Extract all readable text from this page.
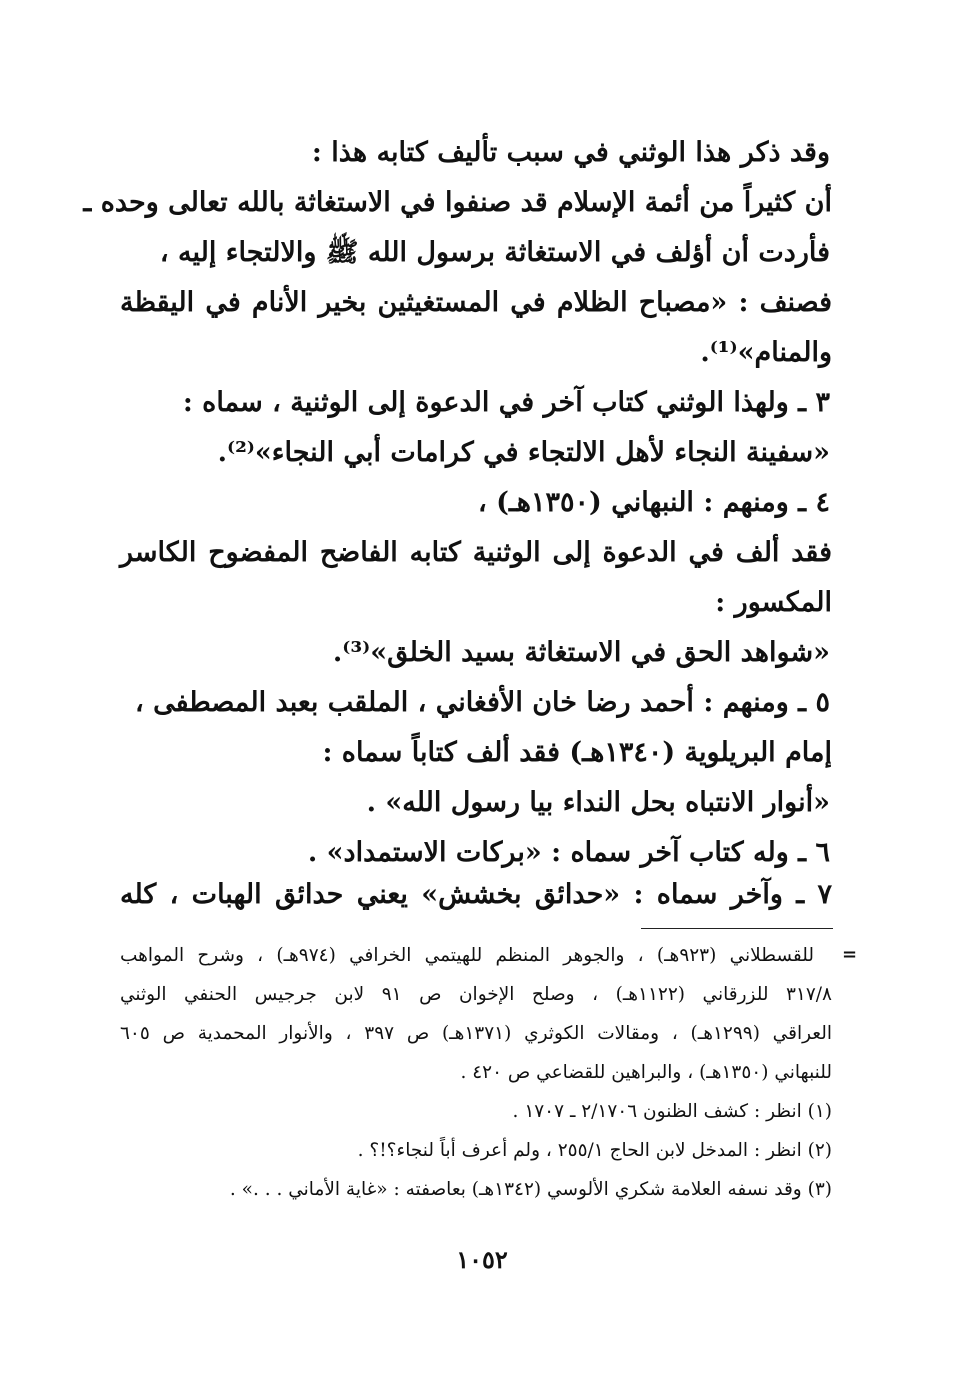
وقد ذكر هذا الوثني في سبب تأليف كتابه هذا :
أن كثيراً من أئمة الإسلام قد صنفوا في الاستغاثة بالله تعالى وحده ـ
فأردت أن أؤلف في الاستغاثة برسول الله ﷺ والالتجاء إليه ،
فصنف : «مصباح الظلام في المستغيثين بخير الأنام في اليقظة
والمنام»⁽¹⁾.
٣ ـ ولهذا الوثني كتاب آخر في الدعوة إلى الوثنية ، سماه :
«سفينة النجاء لأهل الالتجاء في كرامات أبي النجاء»⁽²⁾.
٤ ـ ومنهم : النبهاني (١٣٥٠هـ) ،
فقد ألف في الدعوة إلى الوثنية كتابه الفاضح المفضوح الكاسر
المكسور :
«شواهد الحق في الاستغاثة بسيد الخلق»⁽³⁾.
٥ ـ ومنهم : أحمد رضا خان الأفغاني ، الملقب بعبد المصطفى ،
إمام البريلوية (١٣٤٠هـ) فقد ألف كتاباً سماه :
«أنوار الانتباه بحل النداء بيا رسول الله» .
٦ ـ وله كتاب آخر سماه : «بركات الاستمداد» .
٧ ـ وآخر سماه : «حدائق بخشش» يعني حدائق الهبات ، كله
=
للقسطلاني (٩٢٣هـ) ، والجوهر المنظم للهيتمي الخرافي (٩٧٤هـ) ، وشرح المواهب
٣١٧/٨ للزرقاني (١١٢٢هـ) ، وصلح الإخوان ص ٩١ لابن جرجيس الحنفي الوثني
العراقي (١٢٩٩هـ) ، ومقالات الكوثري (١٣٧١هـ) ص ٣٩٧ ، والأنوار المحمدية ص ٦٠٥
للنبهاني (١٣٥٠هـ) ، والبراهين للقضاعي ص ٤٢٠ .
(١) انظر : كشف الظنون ٢/١٧٠٦ ـ ١٧٠٧ .
(٢) انظر : المدخل لابن الحاج ٢٥٥/١ ، ولم أعرف أباً لنجاء؟!؟ .
(٣) وقد نسفه العلامة شكري الألوسي (١٣٤٢هـ) بعاصفته : «غاية الأماني . . .» .
١٠٥٢
